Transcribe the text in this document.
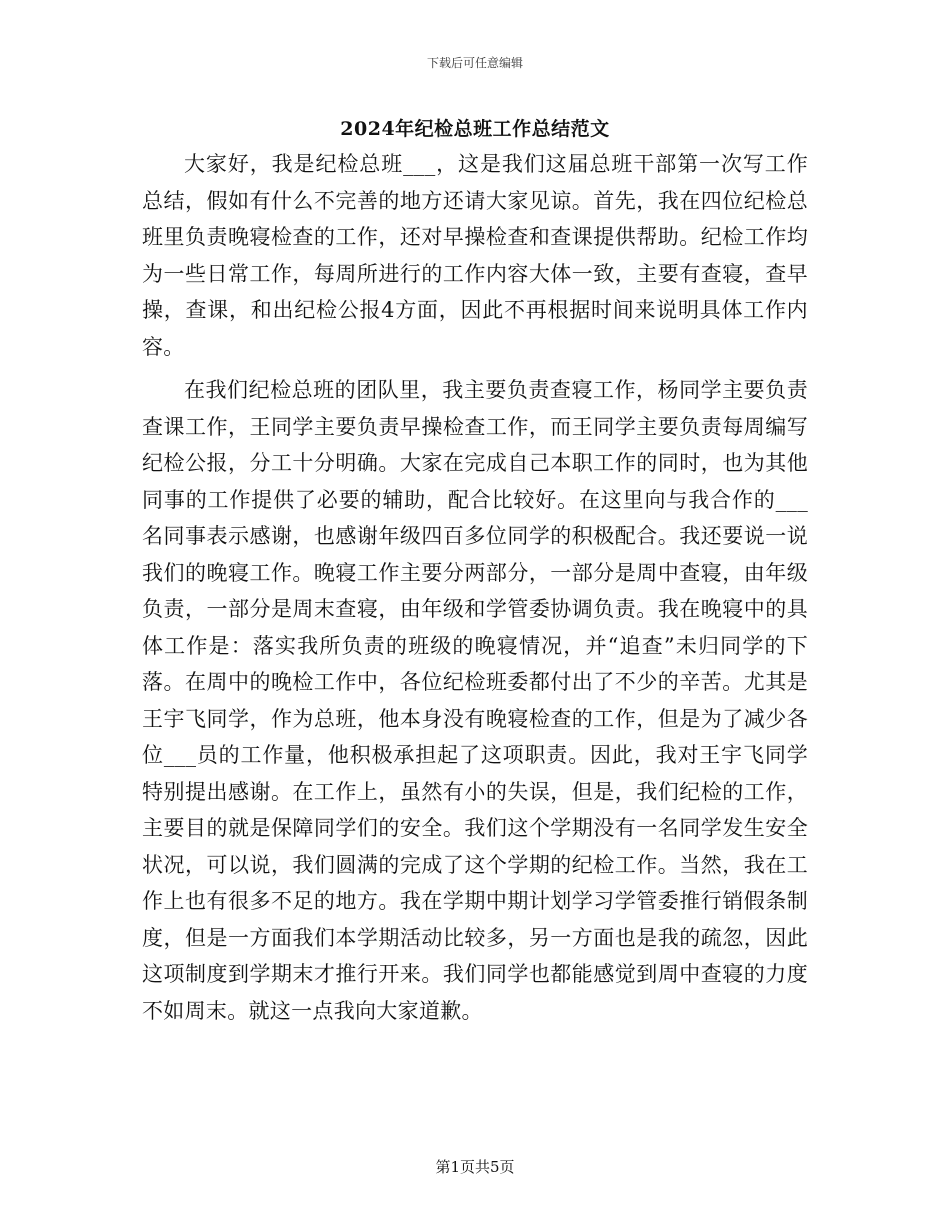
下载后可任意编辑
2024年纪检总班工作总结范文

大家好，我是纪检总班___，这是我们这届总班干部第一次写工作总结，假如有什么不完善的地方还请大家见谅。首先，我在四位纪检总班里负责晚寝检查的工作，还对早操检查和查课提供帮助。纪检工作均为一些日常工作，每周所进行的工作内容大体一致，主要有查寝，查早操，查课，和出纪检公报4方面，因此不再根据时间来说明具体工作内容。

在我们纪检总班的团队里，我主要负责查寝工作，杨同学主要负责查课工作，王同学主要负责早操检查工作，而王同学主要负责每周编写纪检公报，分工十分明确。大家在完成自己本职工作的同时，也为其他同事的工作提供了必要的辅助，配合比较好。在这里向与我合作的___名同事表示感谢，也感谢年级四百多位同学的积极配合。我还要说一说我们的晚寝工作。晚寝工作主要分两部分，一部分是周中查寝，由年级负责，一部分是周末查寝，由年级和学管委协调负责。我在晚寝中的具体工作是：落实我所负责的班级的晚寝情况，并“追查”未归同学的下落。在周中的晚检工作中，各位纪检班委都付出了不少的辛苦。尤其是王宇飞同学，作为总班，他本身没有晚寝检查的工作，但是为了减少各位___员的工作量，他积极承担起了这项职责。因此，我对王宇飞同学特别提出感谢。在工作上，虽然有小的失误，但是，我们纪检的工作，主要目的就是保障同学们的安全。我们这个学期没有一名同学发生安全状况，可以说，我们圆满的完成了这个学期的纪检工作。当然，我在工作上也有很多不足的地方。我在学期中期计划学习学管委推行销假条制度，但是一方面我们本学期活动比较多，另一方面也是我的疏忽，因此这项制度到学期末才推行开来。我们同学也都能感觉到周中查寝的力度不如周末。就这一点我向大家道歉。

第1页共5页
